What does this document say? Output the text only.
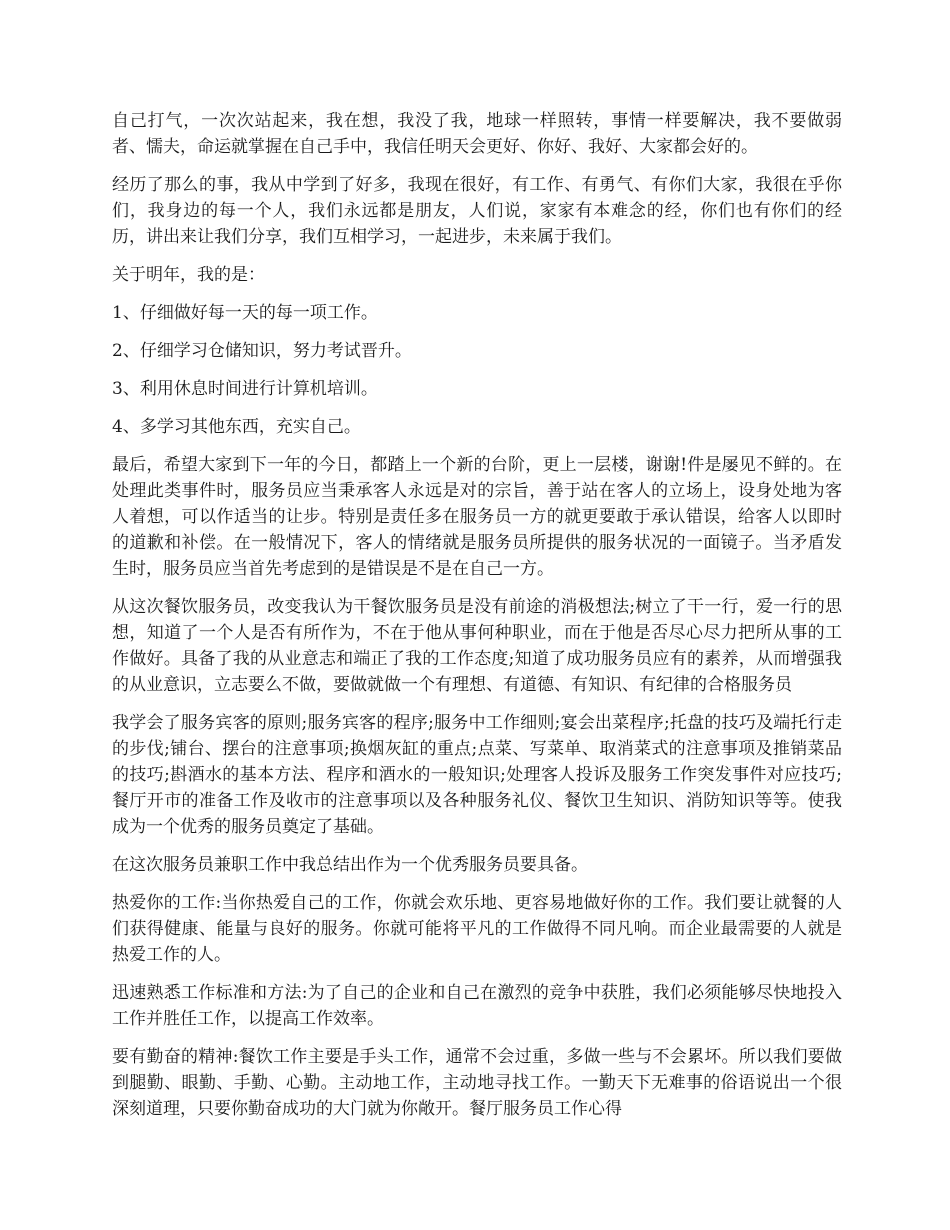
自己打气，一次次站起来，我在想，我没了我，地球一样照转，事情一样要解决，我不要做弱者、懦夫，命运就掌握在自己手中，我信任明天会更好、你好、我好、大家都会好的。

经历了那么的事，我从中学到了好多，我现在很好，有工作、有勇气、有你们大家，我很在乎你们，我身边的每一个人，我们永远都是朋友，人们说，家家有本难念的经，你们也有你们的经历，讲出来让我们分享，我们互相学习，一起进步，未来属于我们。

关于明年，我的是：

1、仔细做好每一天的每一项工作。

2、仔细学习仓储知识，努力考试晋升。

3、利用休息时间进行计算机培训。

4、多学习其他东西，充实自己。

最后，希望大家到下一年的今日，都踏上一个新的台阶，更上一层楼，谢谢!件是屡见不鲜的。在处理此类事件时，服务员应当秉承客人永远是对的宗旨，善于站在客人的立场上，设身处地为客人着想，可以作适当的让步。特别是责任多在服务员一方的就更要敢于承认错误，给客人以即时的道歉和补偿。在一般情况下，客人的情绪就是服务员所提供的服务状况的一面镜子。当矛盾发生时，服务员应当首先考虑到的是错误是不是在自己一方。

从这次餐饮服务员，改变我认为干餐饮服务员是没有前途的消极想法;树立了干一行，爱一行的思想，知道了一个人是否有所作为，不在于他从事何种职业，而在于他是否尽心尽力把所从事的工作做好。具备了我的从业意志和端正了我的工作态度;知道了成功服务员应有的素养，从而增强我的从业意识，立志要么不做，要做就做一个有理想、有道德、有知识、有纪律的合格服务员

我学会了服务宾客的原则;服务宾客的程序;服务中工作细则;宴会出菜程序;托盘的技巧及端托行走的步伐;铺台、摆台的注意事项;换烟灰缸的重点;点菜、写菜单、取消菜式的注意事项及推销菜品的技巧;斟酒水的基本方法、程序和酒水的一般知识;处理客人投诉及服务工作突发事件对应技巧;餐厅开市的准备工作及收市的注意事项以及各种服务礼仪、餐饮卫生知识、消防知识等等。使我成为一个优秀的服务员奠定了基础。

在这次服务员兼职工作中我总结出作为一个优秀服务员要具备。

热爱你的工作:当你热爱自己的工作，你就会欢乐地、更容易地做好你的工作。我们要让就餐的人们获得健康、能量与良好的服务。你就可能将平凡的工作做得不同凡响。而企业最需要的人就是热爱工作的人。

迅速熟悉工作标准和方法:为了自己的企业和自己在激烈的竞争中获胜，我们必须能够尽快地投入工作并胜任工作，以提高工作效率。

要有勤奋的精神:餐饮工作主要是手头工作，通常不会过重，多做一些与不会累坏。所以我们要做到腿勤、眼勤、手勤、心勤。主动地工作，主动地寻找工作。一勤天下无难事的俗语说出一个很深刻道理，只要你勤奋成功的大门就为你敞开。餐厅服务员工作心得
